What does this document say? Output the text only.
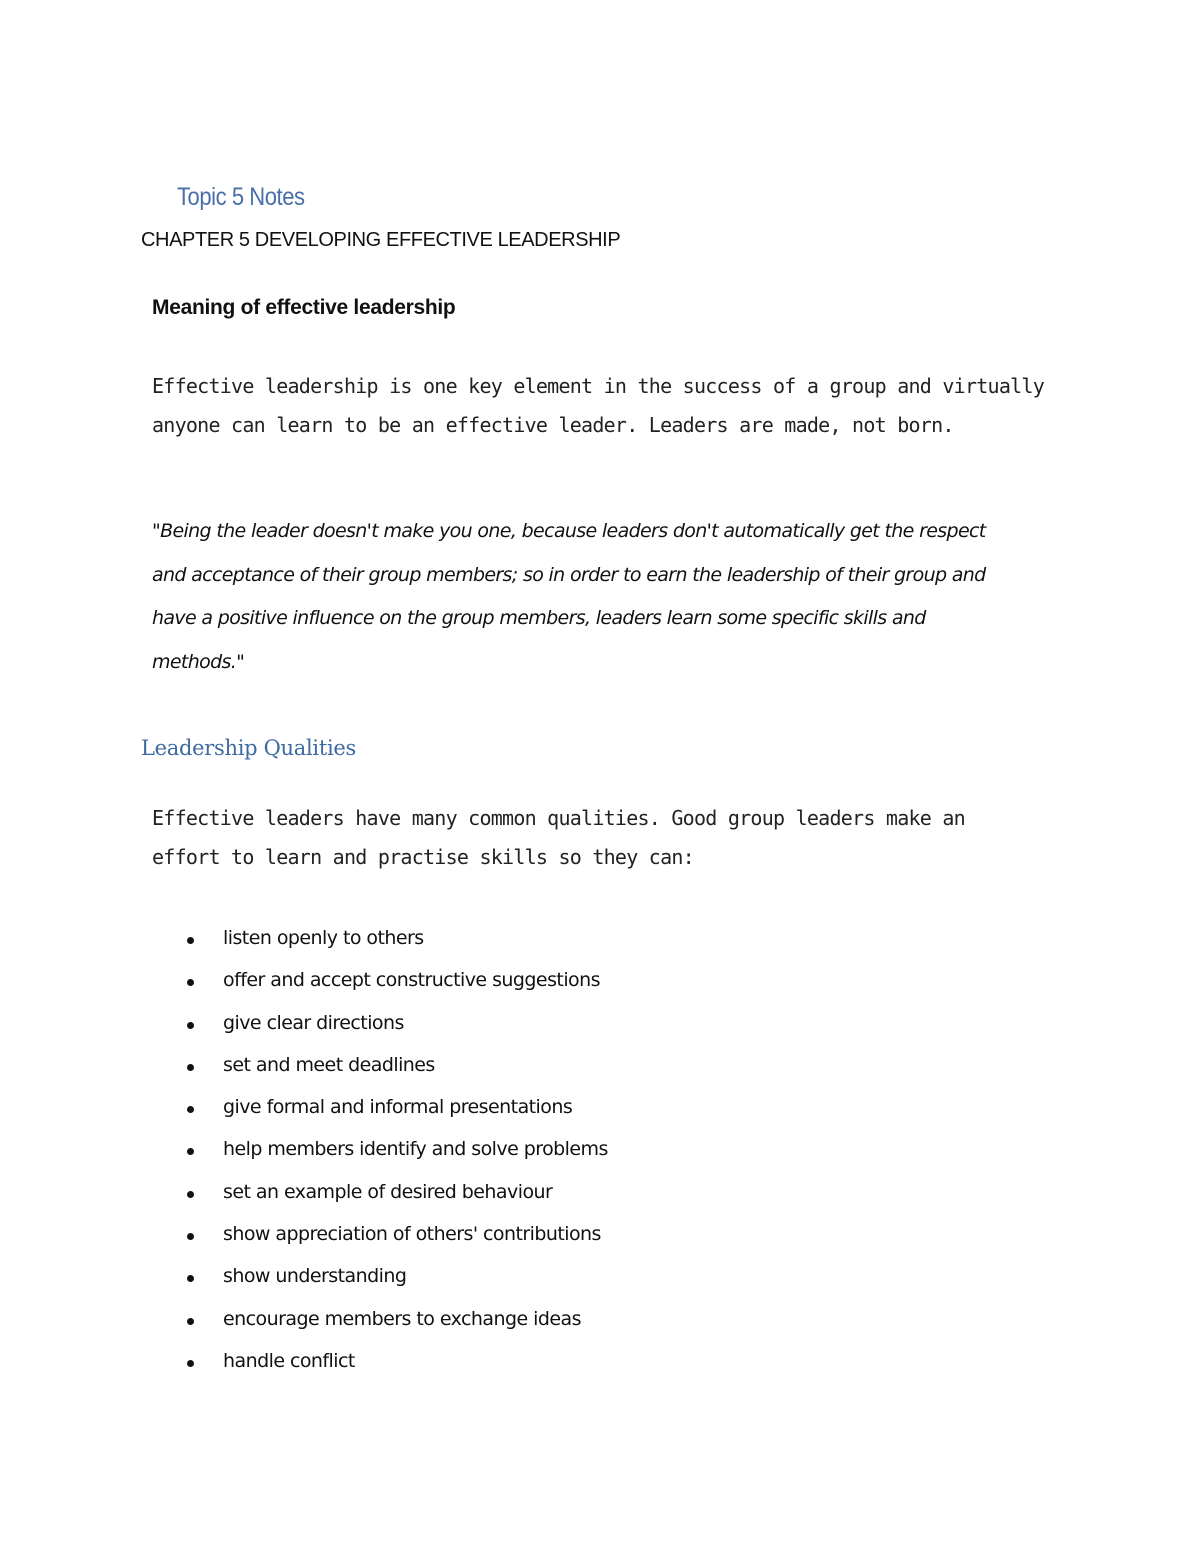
Topic 5 Notes
CHAPTER 5 DEVELOPING EFFECTIVE LEADERSHIP
Meaning of effective leadership
Effective leadership is one key element in the success of a group and virtually
anyone can learn to be an effective leader. Leaders are made, not born.
"Being the leader doesn't make you one, because leaders don't automatically get the respect
and acceptance of their group members; so in order to earn the leadership of their group and
have a positive influence on the group members, leaders learn some specific skills and
methods."
Leadership Qualities
Effective leaders have many common qualities. Good group leaders make an
effort to learn and practise skills so they can:
listen openly to others
offer and accept constructive suggestions
give clear directions
set and meet deadlines
give formal and informal presentations
help members identify and solve problems
set an example of desired behaviour
show appreciation of others' contributions
show understanding
encourage members to exchange ideas
handle conflict
